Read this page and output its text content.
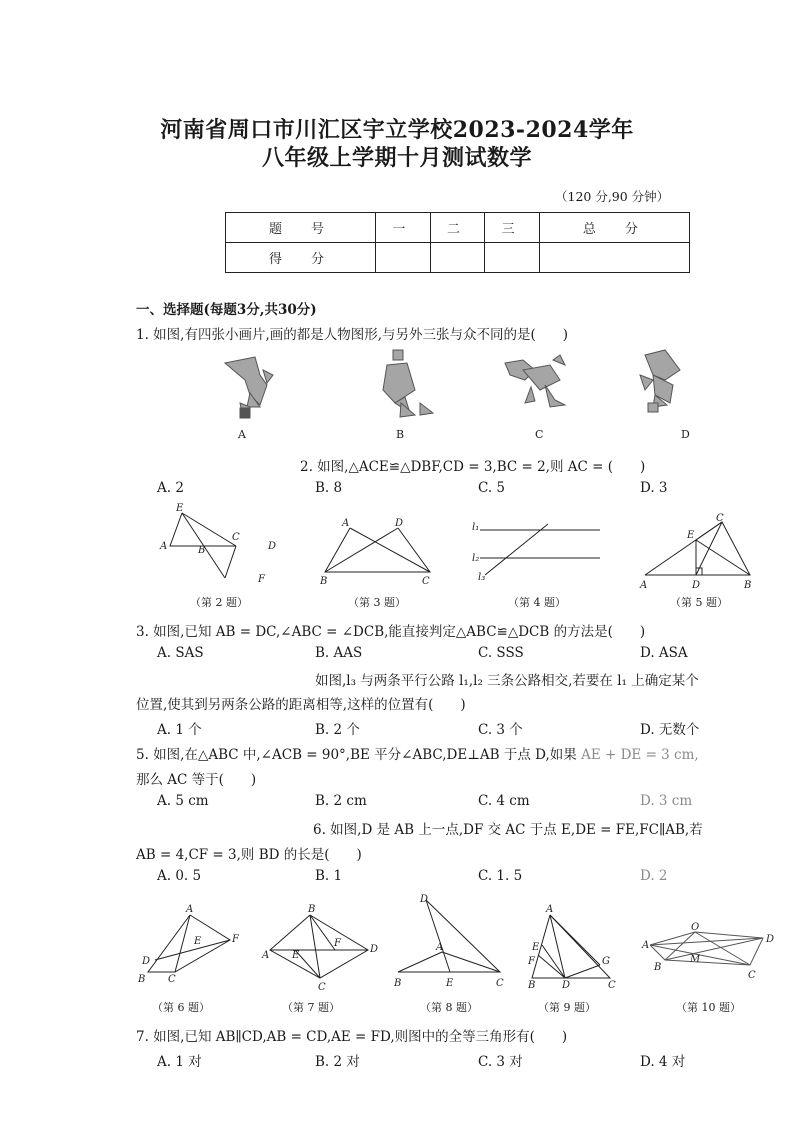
河南省周口市川汇区宇立学校2023-2024学年
八年级上学期十月测试数学
（120 分,90 分钟）
题　号	一	二	三	总　分
得　分				
一、选择题(每题3分,共30分)
1. 如图,有四张小画片,画的都是人物图形,与另外三张与众不同的是(　　)
A	B	C	D
2. 如图,△ACE≌△DBF,CD = 3,BC = 2,则 AC = (　　)
A. 2	B. 8	C. 5	D. 3
E
A	B
C
D
F
A	D
B	C
l₁
l₂
l₃
C
E
A	D	B
（第 2 题）	（第 3 题）	（第 4 题）	（第 5 题）
3. 如图,已知 AB = DC,∠ABC = ∠DCB,能直接判定△ABC≌△DCB 的方法是(　　)
A. SAS	B. AAS	C. SSS	D. ASA
如图,l₃ 与两条平行公路 l₁,l₂ 三条公路相交,若要在 l₁ 上确定某个
位置,使其到另两条公路的距离相等,这样的位置有(　　)
A. 1 个	B. 2 个	C. 3 个	D. 无数个
5. 如图,在△ABC 中,∠ACB = 90°,BE 平分∠ABC,DE⊥AB 于点 D,如果 AE + DE = 3 cm,
那么 AC 等于(　　)
A. 5 cm	B. 2 cm	C. 4 cm	D. 3 cm
6. 如图,D 是 AB 上一点,DF 交 AC 于点 E,DE = FE,FC∥AB,若
AB = 4,CF = 3,则 BD 的长是(　　)
A. 0. 5	B. 1	C. 1. 5	D. 2
A
E	F
D
B C
B
F
A E
D
C
D
A
B	E	C
A
E
F	G
B	D	C
A
O
D
B
M
C
（第 6 题）	（第 7 题）	（第 8 题）	（第 9 题）	（第 10 题）
7. 如图,已知 AB∥CD,AB = CD,AE = FD,则图中的全等三角形有(　　)
A. 1 对	B. 2 对	C. 3 对	D. 4 对
